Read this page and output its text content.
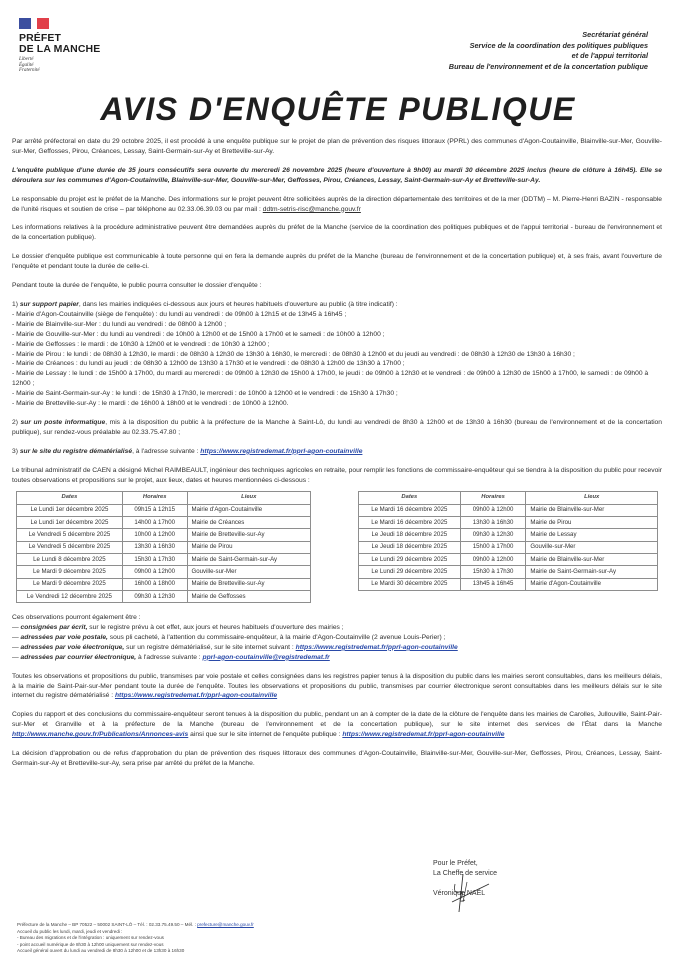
PRÉFET
DE LA MANCHE
Liberté
Égalité
Fraternité
Secrétariat général
Service de la coordination des politiques publiques
et de l'appui territorial
Bureau de l'environnement et de la concertation publique
AVIS D'ENQUÊTE PUBLIQUE

Par arrêté préfectoral en date du 29 octobre 2025, il est procédé à une enquête publique sur le projet de plan de prévention des risques littoraux (PPRL) des communes d'Agon-Coutainville, Blainville-sur-Mer, Gouville-sur-Mer, Geffosses, Pirou, Créances, Lessay, Saint-Germain-sur-Ay et Bretteville-sur-Ay.

L'enquête publique d'une durée de 35 jours consécutifs sera ouverte du mercredi 26 novembre 2025 (heure d'ouverture à 9h00) au mardi 30 décembre 2025 inclus (heure de clôture à 16h45). Elle se déroulera sur les communes d'Agon-Coutainville, Blainville-sur-Mer, Gouville-sur-Mer, Geffosses, Pirou, Créances, Lessay, Saint-Germain-sur-Ay et Bretteville-sur-Ay.

Le responsable du projet est le préfet de la Manche. Des informations sur le projet peuvent être sollicitées auprès de la direction départementale des territoires et de la mer (DDTM) – M. Pierre-Henri BAZIN - responsable de l'unité risques et soutien de crise – par téléphone au 02.33.06.39.03 ou par mail : ddtm-setris-risc@manche.gouv.fr

Les informations relatives à la procédure administrative peuvent être demandées auprès du préfet de la Manche (service de la coordination des politiques publiques et de l'appui territorial - bureau de l'environnement et de la concertation publique).

Le dossier d'enquête publique est communicable à toute personne qui en fera la demande auprès du préfet de la Manche (bureau de l'environnement et de la concertation publique) et, à ses frais, avant l'ouverture de l'enquête et pendant toute la durée de celle-ci.

Pendant toute la durée de l'enquête, le public pourra consulter le dossier d'enquête :

1) sur support papier, dans les mairies indiquées ci-dessous aux jours et heures habituels d'ouverture au public (à titre indicatif) :

- Mairie d'Agon-Coutainville (siège de l'enquête) : du lundi au vendredi : de 09h00 à 12h15 et de 13h45 à 16h45 ;
- Mairie de Blainville-sur-Mer : du lundi au vendredi : de 08h00 à 12h00 ;
- Mairie de Gouville-sur-Mer : du lundi au vendredi : de 10h00 à 12h00 et de 15h00 à 17h00 et le samedi : de 10h00 à 12h00 ;
- Mairie de Geffosses : le mardi : de 10h30 à 12h00 et le vendredi : de 10h30 à 12h00 ;
- Mairie de Pirou : le lundi : de 08h30 à 12h30, le mardi : de 08h30 à 12h30 de 13h30 à 16h30, le mercredi : de 08h30 à 12h00 et du jeudi au vendredi : de 08h30 à 12h30 de 13h30 à 16h30 ;
- Mairie de Créances : du lundi au jeudi : de 08h30 à 12h00 de 13h30 à 17h30 et le vendredi : de 08h30 à 12h00 de 13h30 à 17h00 ;
- Mairie de Lessay : le lundi : de 15h00 à 17h00, du mardi au mercredi : de 09h00 à 12h30 de 15h00 à 17h00, le jeudi : de 09h00 à 12h30 et le vendredi : de 09h00 à 12h30 de 15h00 à 17h00, le samedi : de 09h00 à 12h00 ;
- Mairie de Saint-Germain-sur-Ay : le lundi : de 15h30 à 17h30, le mercredi : de 10h00 à 12h00 et le vendredi : de 15h30 à 17h30 ;
- Mairie de Bretteville-sur-Ay : le mardi : de 16h00 à 18h00 et le vendredi : de 10h00 à 12h00.

2) sur un poste informatique, mis à la disposition du public à la préfecture de la Manche à Saint-Lô, du lundi au vendredi de 8h30 à 12h00 et de 13h30 à 16h30 (bureau de l'environnement et de la concertation publique), sur rendez-vous préalable au 02.33.75.47.80 ;

3) sur le site du registre dématérialisé, à l'adresse suivante : https://www.registredemat.fr/pprl-agon-coutainville

Le tribunal administratif de CAEN a désigné Michel RAIMBEAULT, ingénieur des techniques agricoles en retraite, pour remplir les fonctions de commissaire-enquêteur qui se tiendra à la disposition du public pour recevoir toutes observations et propositions sur le projet, aux lieux, dates et heures mentionnées ci-dessous :

Dates	Horaires	Lieux
Le Lundi 1er décembre 2025	09h15 à 12h15	Mairie d'Agon-Coutainville
Le Lundi 1er décembre 2025	14h00 à 17h00	Mairie de Créances
Le Vendredi 5 décembre 2025	10h00 à 12h00	Mairie de Bretteville-sur-Ay
Le Vendredi 5 décembre 2025	13h30 à 16h30	Mairie de Pirou
Le Lundi 8 décembre 2025	15h30 à 17h30	Mairie de Saint-Germain-sur-Ay
Le Mardi 9 décembre 2025	09h00 à 12h00	Gouville-sur-Mer
Le Mardi 9 décembre 2025	16h00 à 18h00	Mairie de Bretteville-sur-Ay
Le Vendredi 12 décembre 2025	09h30 à 12h30	Mairie de Geffosses
Dates	Horaires	Lieux
Le Mardi 16 décembre 2025	09h00 à 12h00	Mairie de Blainville-sur-Mer
Le Mardi 16 décembre 2025	13h30 à 16h30	Mairie de Pirou
Le Jeudi 18 décembre 2025	09h30 à 12h30	Mairie de Lessay
Le Jeudi 18 décembre 2025	15h00 à 17h00	Gouville-sur-Mer
Le Lundi 29 décembre 2025	09h00 à 12h00	Mairie de Blainville-sur-Mer
Le Lundi 29 décembre 2025	15h30 à 17h30	Mairie de Saint-Germain-sur-Ay
Le Mardi 30 décembre 2025	13h45 à 16h45	Mairie d'Agon-Coutainville

Ces observations pourront également être :

— consignées par écrit, sur le registre prévu à cet effet, aux jours et heures habituels d'ouverture des mairies ;
— adressées par voie postale, sous pli cacheté, à l'attention du commissaire-enquêteur, à la mairie d'Agon-Coutainville (2 avenue Louis-Perier) ;
— adressées par voie électronique, sur un registre dématérialisé, sur le site internet suivant : https://www.registredemat.fr/pprl-agon-coutainville
— adressées par courrier électronique, à l'adresse suivante : pprl-agon-coutainville@registredemat.fr

Toutes les observations et propositions du public, transmises par voie postale et celles consignées dans les registres papier tenus à la disposition du public dans les mairies seront consultables, dans les meilleurs délais, à la mairie de Saint-Pair-sur-Mer pendant toute la durée de l'enquête. Toutes les observations et propositions du public, transmises par courrier électronique seront consultables dans les meilleurs délais sur le site internet du registre dématérialisé : https://www.registredemat.fr/pprl-agon-coutainville

Copies du rapport et des conclusions du commissaire-enquêteur seront tenues à la disposition du public, pendant un an à compter de la date de la clôture de l'enquête dans les mairies de Carolles, Jullouville, Saint-Pair-sur-Mer et Granville et à la préfecture de la Manche (bureau de l'environnement et de la concertation publique), sur le site internet des services de l'État dans la Manche http://www.manche.gouv.fr/Publications/Annonces-avis ainsi que sur le site internet de l'enquête publique : https://www.registredemat.fr/pprl-agon-coutainville

La décision d'approbation ou de refus d'approbation du plan de prévention des risques littoraux des communes d'Agon-Coutainville, Blainville-sur-Mer, Gouville-sur-Mer, Geffosses, Pirou, Créances, Lessay, Saint-Germain-sur-Ay et Bretteville-sur-Ay, sera prise par arrêté du préfet de la Manche.

Pour le Préfet,
La Cheffe de service
Véronique NAËL
Préfecture de la Manche – BP 70522 – 50002 SAINT-LÔ – Tél. : 02.33.75.49.50 – Mél. : prefecture@manche.gouv.fr
Accueil du public les lundi, mardi, jeudi et vendredi :
- Bureau des migrations et de l'intégration : uniquement sur rendez-vous
- point accueil numérique de 8h30 à 12h00 uniquement sur rendez-vous
Accueil général ouvert du lundi au vendredi de 8h30 à 12h00 et de 13h30 à 16h30
